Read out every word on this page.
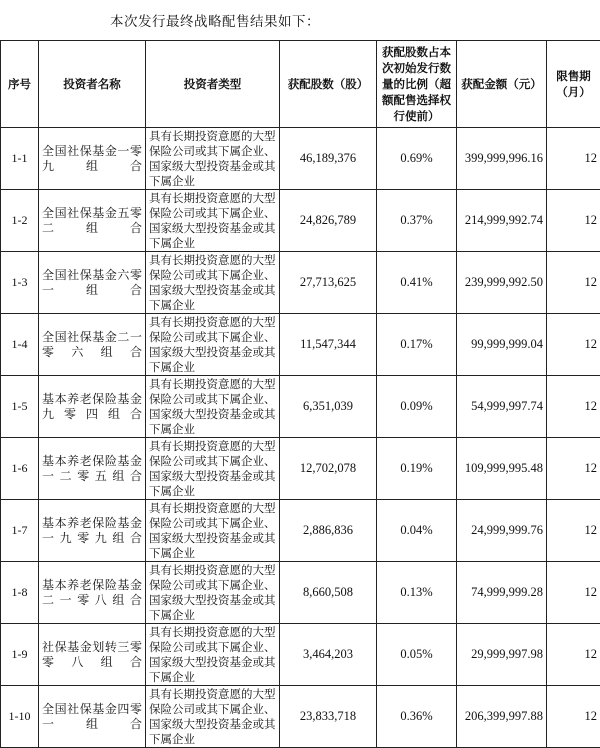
本次发行最终战略配售结果如下：
序号	投资者名称	投资者类型	获配股数（股）	获配股数占本次初始发行数量的比例（超额配售选择权行使前）	获配金额（元）	限售期（月）
1-1	全国社保基金一零九组合	具有长期投资意愿的大型保险公司或其下属企业、国家级大型投资基金或其下属企业	46,189,376	0.69%	399,999,996.16	12
1-2	全国社保基金五零二组合	具有长期投资意愿的大型保险公司或其下属企业、国家级大型投资基金或其下属企业	24,826,789	0.37%	214,999,992.74	12
1-3	全国社保基金六零一组合	具有长期投资意愿的大型保险公司或其下属企业、国家级大型投资基金或其下属企业	27,713,625	0.41%	239,999,992.50	12
1-4	全国社保基金二一零六组合	具有长期投资意愿的大型保险公司或其下属企业、国家级大型投资基金或其下属企业	11,547,344	0.17%	99,999,999.04	12
1-5	基本养老保险基金九零四组合	具有长期投资意愿的大型保险公司或其下属企业、国家级大型投资基金或其下属企业	6,351,039	0.09%	54,999,997.74	12
1-6	基本养老保险基金一二零五组合	具有长期投资意愿的大型保险公司或其下属企业、国家级大型投资基金或其下属企业	12,702,078	0.19%	109,999,995.48	12
1-7	基本养老保险基金一九零九组合	具有长期投资意愿的大型保险公司或其下属企业、国家级大型投资基金或其下属企业	2,886,836	0.04%	24,999,999.76	12
1-8	基本养老保险基金二一零八组合	具有长期投资意愿的大型保险公司或其下属企业、国家级大型投资基金或其下属企业	8,660,508	0.13%	74,999,999.28	12
1-9	社保基金划转三零零八组合	具有长期投资意愿的大型保险公司或其下属企业、国家级大型投资基金或其下属企业	3,464,203	0.05%	29,999,997.98	12
1-10	全国社保基金四零一组合	具有长期投资意愿的大型保险公司或其下属企业、国家级大型投资基金或其下属企业	23,833,718	0.36%	206,399,997.88	12
